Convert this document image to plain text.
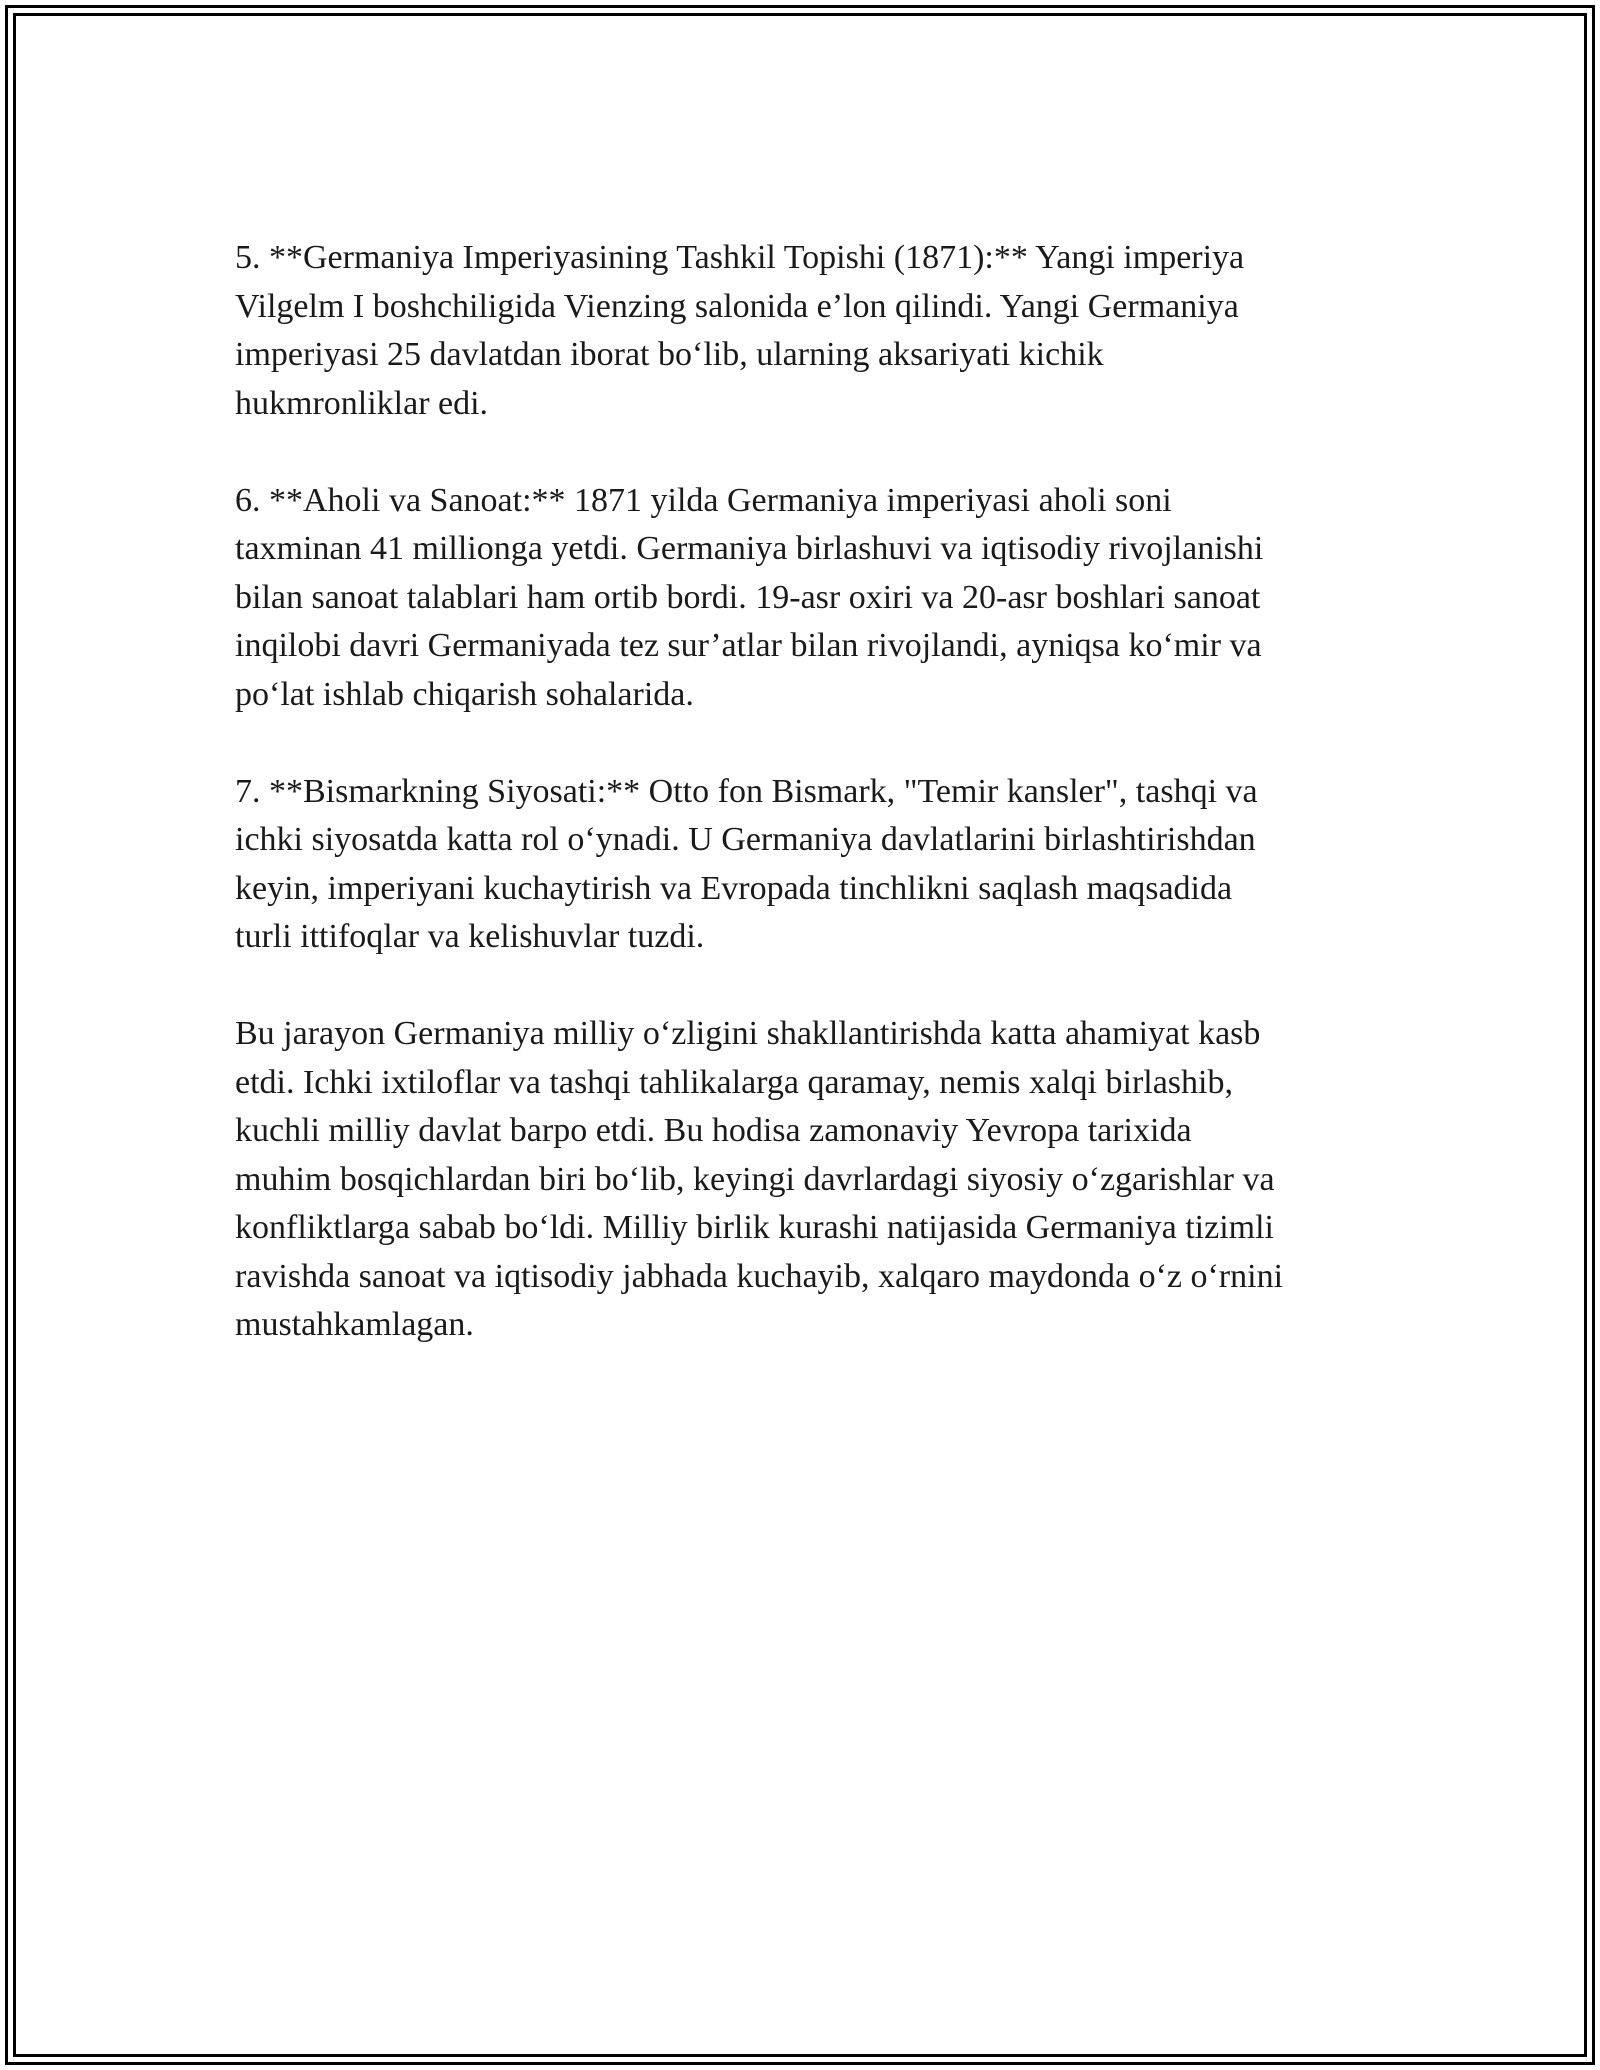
5. **Germaniya Imperiyasining Tashkil Topishi (1871):** Yangi imperiya
Vilgelm I boshchiligida Vienzing salonida e’lon qilindi. Yangi Germaniya
imperiyasi 25 davlatdan iborat bo‘lib, ularning aksariyati kichik
hukmronliklar edi.

6. **Aholi va Sanoat:** 1871 yilda Germaniya imperiyasi aholi soni
taxminan 41 millionga yetdi. Germaniya birlashuvi va iqtisodiy rivojlanishi
bilan sanoat talablari ham ortib bordi. 19-asr oxiri va 20-asr boshlari sanoat
inqilobi davri Germaniyada tez sur’atlar bilan rivojlandi, ayniqsa ko‘mir va
po‘lat ishlab chiqarish sohalarida.

7. **Bismarkning Siyosati:** Otto fon Bismark, "Temir kansler", tashqi va
ichki siyosatda katta rol o‘ynadi. U Germaniya davlatlarini birlashtirishdan
keyin, imperiyani kuchaytirish va Evropada tinchlikni saqlash maqsadida
turli ittifoqlar va kelishuvlar tuzdi.

Bu jarayon Germaniya milliy o‘zligini shakllantirishda katta ahamiyat kasb
etdi. Ichki ixtiloflar va tashqi tahlikalarga qaramay, nemis xalqi birlashib,
kuchli milliy davlat barpo etdi. Bu hodisa zamonaviy Yevropa tarixida
muhim bosqichlardan biri bo‘lib, keyingi davrlardagi siyosiy o‘zgarishlar va
konfliktlarga sabab bo‘ldi. Milliy birlik kurashi natijasida Germaniya tizimli
ravishda sanoat va iqtisodiy jabhada kuchayib, xalqaro maydonda o‘z o‘rnini
mustahkamlagan.
